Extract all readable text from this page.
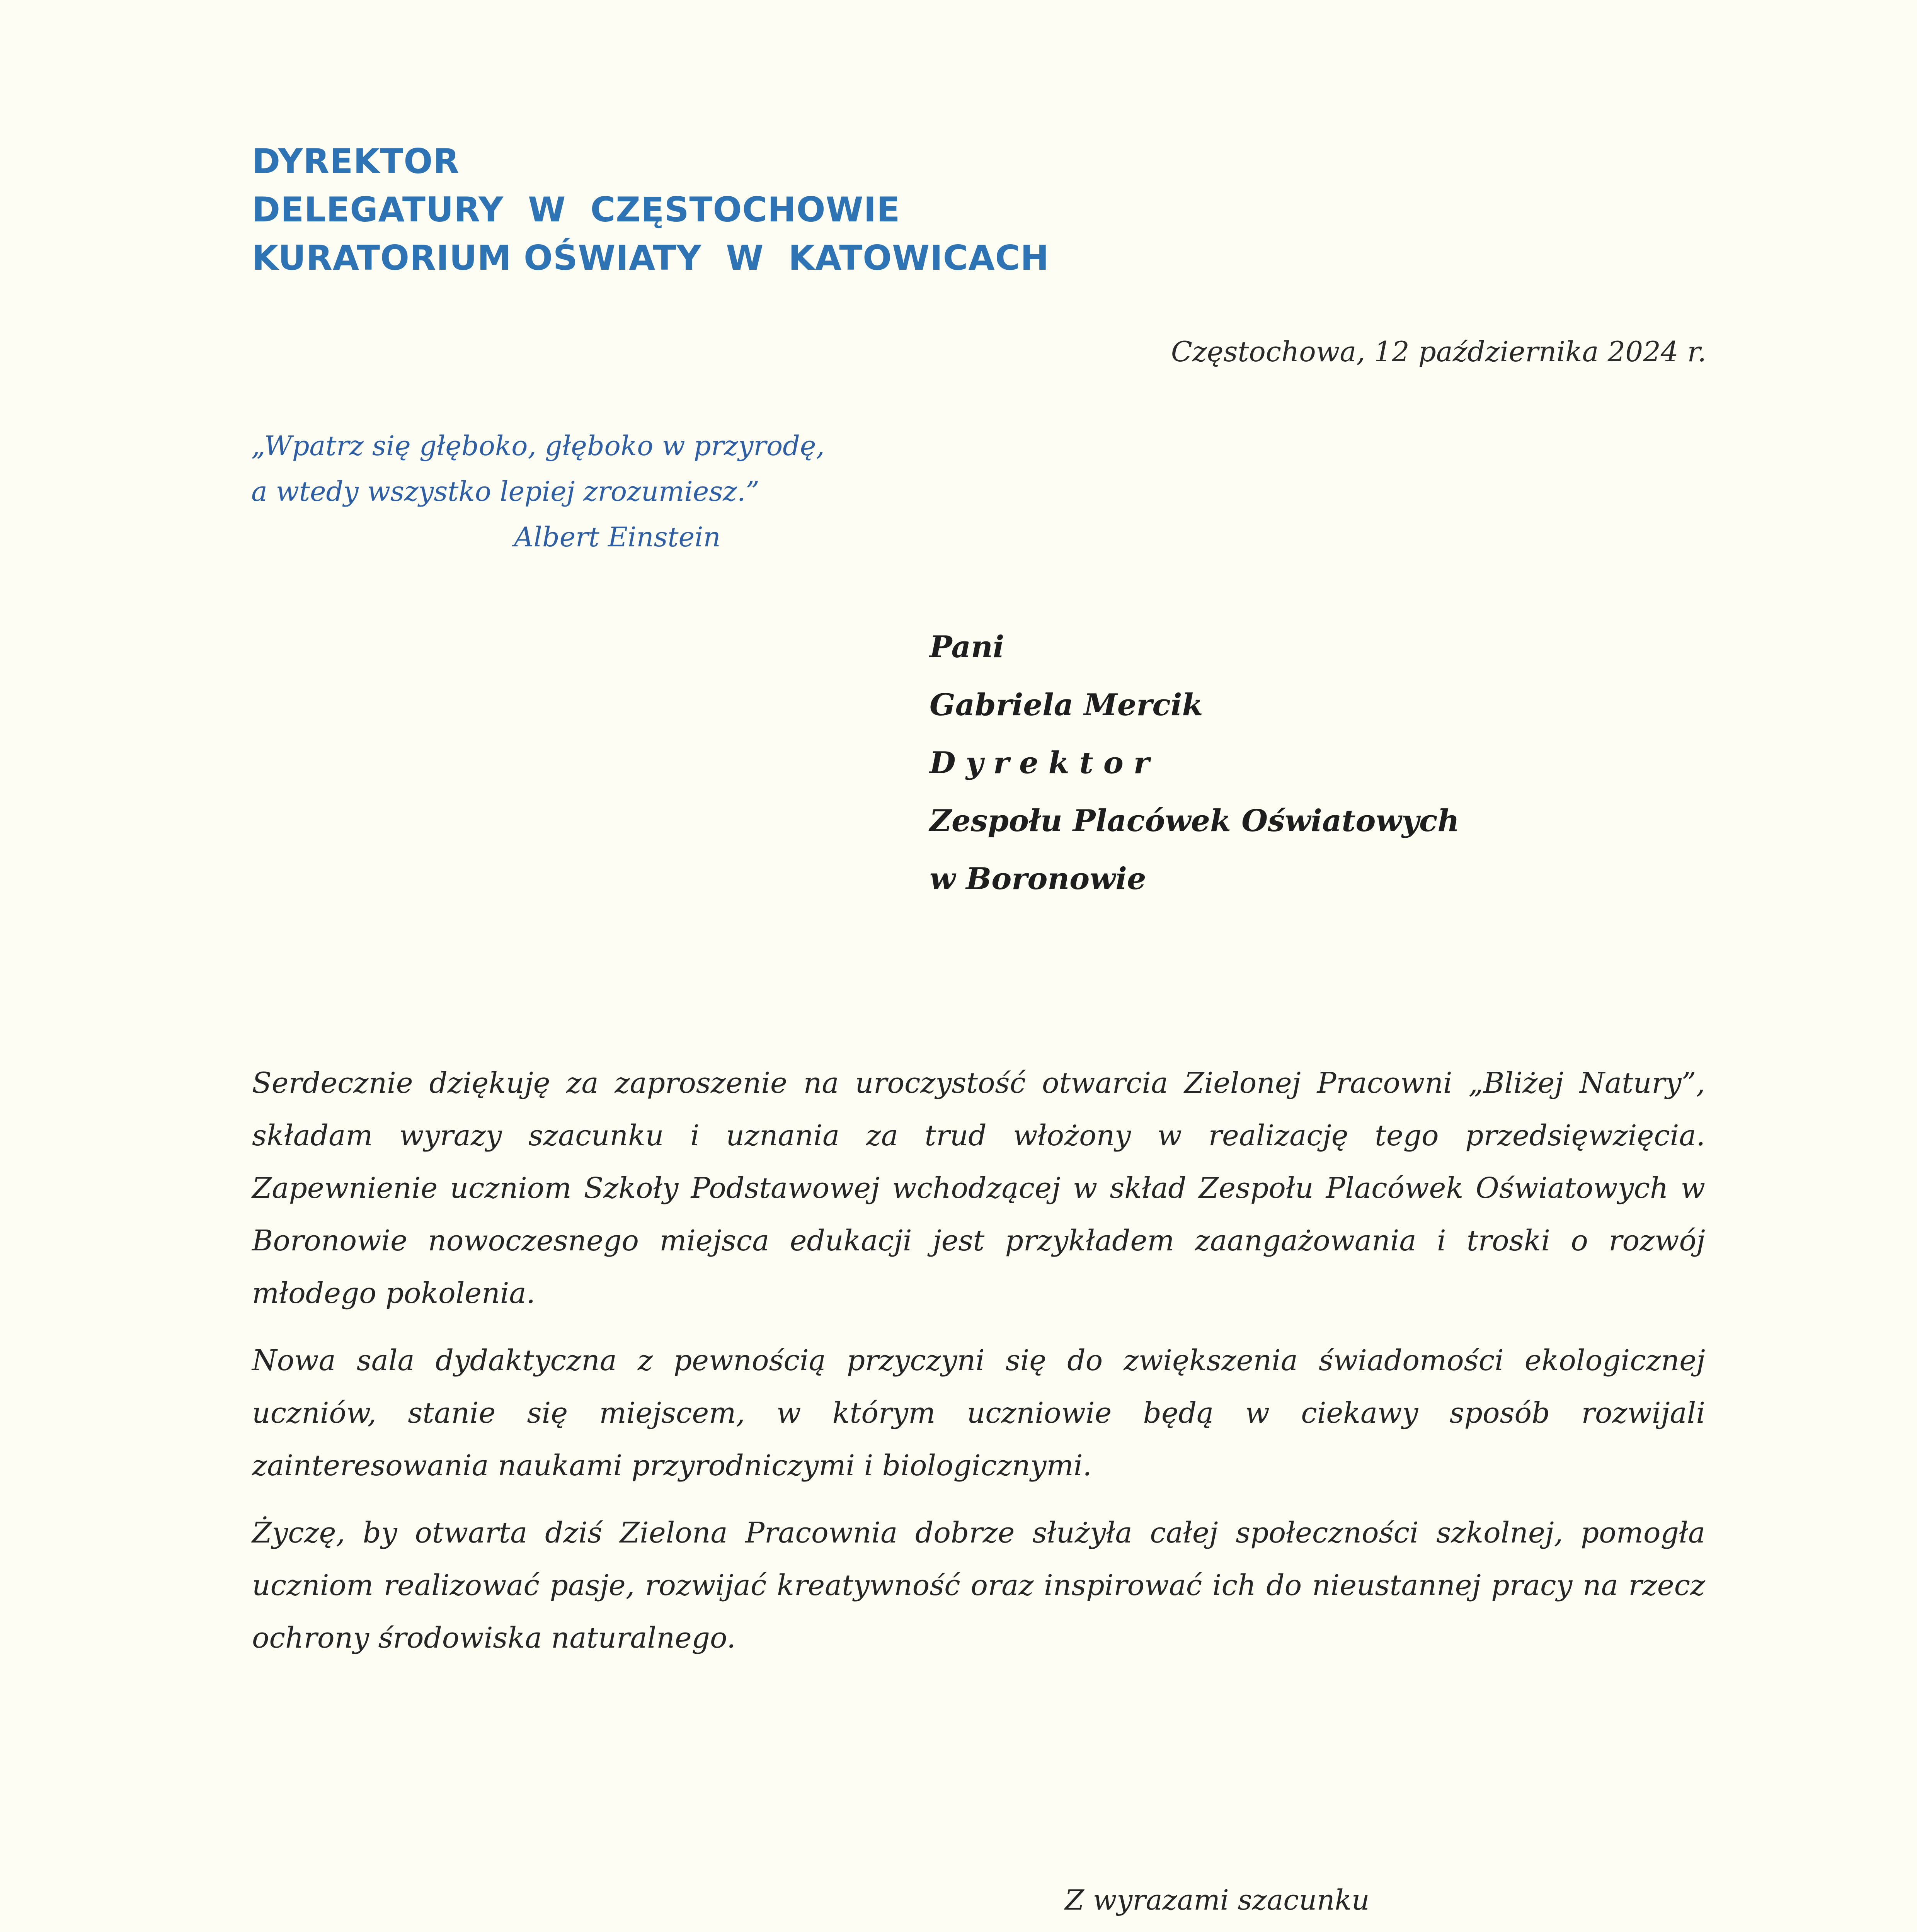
DYREKTOR
DELEGATURY  W  CZĘSTOCHOWIE
KURATORIUM OŚWIATY  W  KATOWICACH
Częstochowa, 12 października 2024 r.
„Wpatrz się głęboko, głęboko w przyrodę,
a wtedy wszystko lepiej zrozumiesz.”
Albert Einstein
Pani
Gabriela Mercik
Dyrektor
Zespołu Placówek Oświatowych
w Boronowie

Serdecznie dziękuję za zaproszenie na uroczystość otwarcia Zielonej Pracowni „Bliżej Natury”, składam wyrazy szacunku i uznania za trud włożony w realizację tego przedsięwzięcia. Zapewnienie uczniom Szkoły Podstawowej wchodzącej w skład Zespołu Placówek Oświatowych w Boronowie nowoczesnego miejsca edukacji jest przykładem zaangażowania i troski o rozwój młodego pokolenia.

Nowa sala dydaktyczna z pewnością przyczyni się do zwiększenia świadomości ekologicznej uczniów, stanie się miejscem, w którym uczniowie będą w ciekawy sposób rozwijali zainteresowania naukami przyrodniczymi i biologicznymi.

Życzę, by otwarta dziś Zielona Pracownia dobrze służyła całej społeczności szkolnej, pomogła uczniom realizować pasje, rozwijać kreatywność oraz inspirować ich do nieustannej pracy na rzecz ochrony środowiska naturalnego.

Z wyrazami szacunku
